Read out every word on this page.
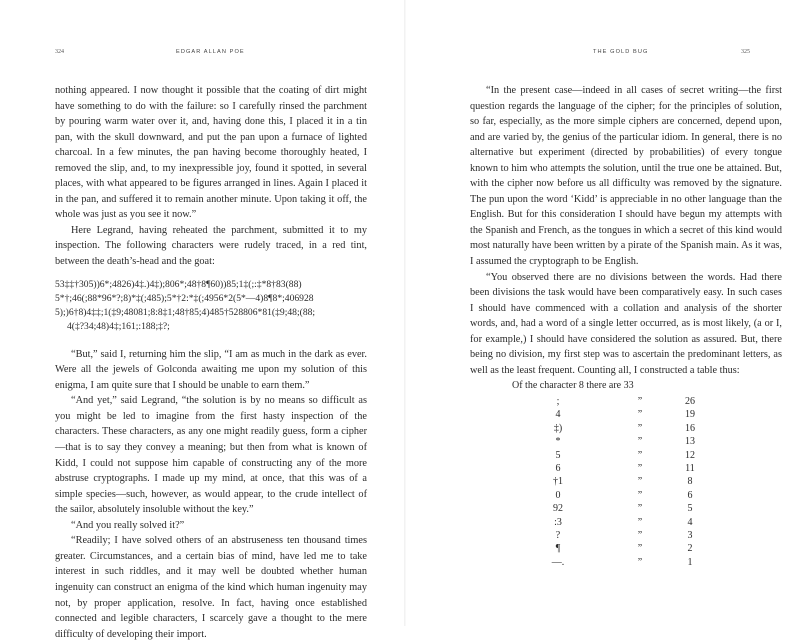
324	EDGAR ALLAN POE

nothing appeared. I now thought it possible that the coating of dirt might have something to do with the failure: so I carefully rinsed the parchment by pouring warm water over it, and, having done this, I placed it in a tin pan, with the skull downward, and put the pan upon a furnace of lighted charcoal. In a few minutes, the pan having become thoroughly heated, I removed the slip, and, to my inexpressible joy, found it spotted, in several places, with what appeared to be figures arranged in lines. Again I placed it in the pan, and suffered it to remain another minute. Upon taking it off, the whole was just as you see it now.”

Here Legrand, having reheated the parchment, submitted it to my inspection. The following characters were rudely traced, in a red tint, between the death’s-head and the goat:

53‡‡†305))6*;4826)4‡.)4‡);806*;48†8¶60))85;1‡(;:‡*8†83(88)
5*†;46(;88*96*?;8)*‡(;485);5*†2:*‡(;4956*2(5*—4)8¶8*;406928
5);)6†8)4‡‡;1(‡9;48081;8:8‡1;48†85;4)485†528806*81(‡9;48;(88;
4(‡?34;48)4‡;161;:188;‡?;

“But,” said I, returning him the slip, “I am as much in the dark as ever. Were all the jewels of Golconda awaiting me upon my solution of this enigma, I am quite sure that I should be unable to earn them.”

“And yet,” said Legrand, “the solution is by no means so difficult as you might be led to imagine from the first hasty inspection of the characters. These characters, as any one might readily guess, form a cipher—that is to say they convey a meaning; but then from what is known of Kidd, I could not suppose him capable of constructing any of the more abstruse cryptographs. I made up my mind, at once, that this was of a simple species—such, however, as would appear, to the crude intellect of the sailor, absolutely insoluble without the key.”

“And you really solved it?”

“Readily; I have solved others of an abstruseness ten thousand times greater. Circumstances, and a certain bias of mind, have led me to take interest in such riddles, and it may well be doubted whether human ingenuity can construct an enigma of the kind which human ingenuity may not, by proper application, resolve. In fact, having once established connected and legible characters, I scarcely gave a thought to the mere difficulty of developing their import.

THE GOLD BUG	325

“In the present case—indeed in all cases of secret writing—the first question regards the language of the cipher; for the principles of solution, so far, especially, as the more simple ciphers are concerned, depend upon, and are varied by, the genius of the particular idiom. In general, there is no alternative but experiment (directed by probabilities) of every tongue known to him who attempts the solution, until the true one be attained. But, with the cipher now before us all difficulty was removed by the signature. The pun upon the word ‘Kidd’ is appreciable in no other language than the English. But for this consideration I should have begun my attempts with the Spanish and French, as the tongues in which a secret of this kind would most naturally have been written by a pirate of the Spanish main. As it was, I assumed the cryptograph to be English.

“You observed there are no divisions between the words. Had there been divisions the task would have been comparatively easy. In such cases I should have commenced with a collation and analysis of the shorter words, and, had a word of a single letter occurred, as is most likely, (a or I, for example,) I should have considered the solution as assured. But, there being no division, my first step was to ascertain the predominant letters, as well as the least frequent. Counting all, I constructed a table thus:

Of the character 8 there are 33
;	”	26
4	”	19
‡)	”	16
*	”	13
5	”	12
6	”	11
†1	”	8
0	”	6
92	”	5
:3	”	4
?	”	3
¶	”	2
—.	”	1
